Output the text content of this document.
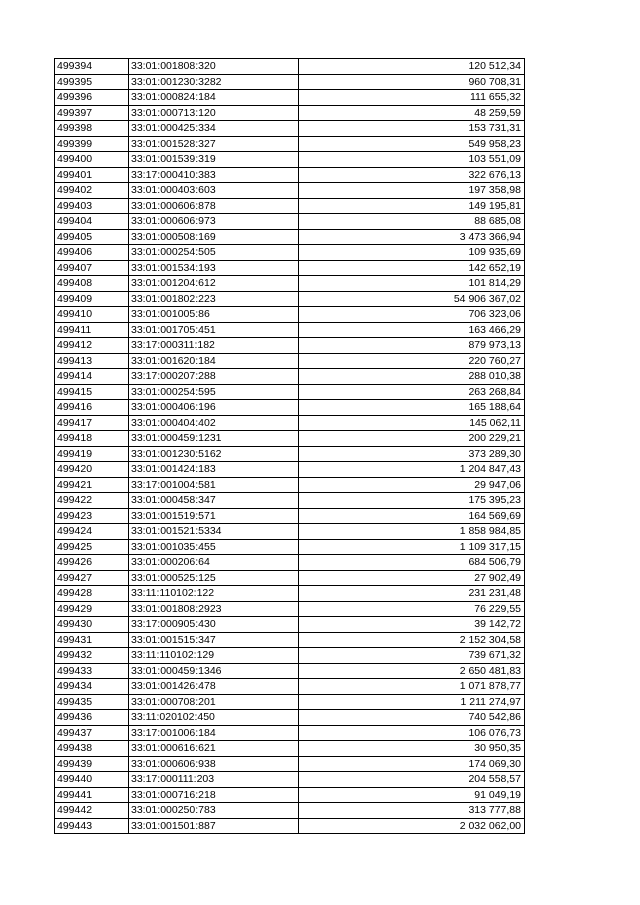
499394	33:01:001808:320	120 512,34
499395	33:01:001230:3282	960 708,31
499396	33:01:000824:184	111 655,32
499397	33:01:000713:120	48 259,59
499398	33:01:000425:334	153 731,31
499399	33:01:001528:327	549 958,23
499400	33:01:001539:319	103 551,09
499401	33:17:000410:383	322 676,13
499402	33:01:000403:603	197 358,98
499403	33:01:000606:878	149 195,81
499404	33:01:000606:973	88 685,08
499405	33:01:000508:169	3 473 366,94
499406	33:01:000254:505	109 935,69
499407	33:01:001534:193	142 652,19
499408	33:01:001204:612	101 814,29
499409	33:01:001802:223	54 906 367,02
499410	33:01:001005:86	706 323,06
499411	33:01:001705:451	163 466,29
499412	33:17:000311:182	879 973,13
499413	33:01:001620:184	220 760,27
499414	33:17:000207:288	288 010,38
499415	33:01:000254:595	263 268,84
499416	33:01:000406:196	165 188,64
499417	33:01:000404:402	145 062,11
499418	33:01:000459:1231	200 229,21
499419	33:01:001230:5162	373 289,30
499420	33:01:001424:183	1 204 847,43
499421	33:17:001004:581	29 947,06
499422	33:01:000458:347	175 395,23
499423	33:01:001519:571	164 569,69
499424	33:01:001521:5334	1 858 984,85
499425	33:01:001035:455	1 109 317,15
499426	33:01:000206:64	684 506,79
499427	33:01:000525:125	27 902,49
499428	33:11:110102:122	231 231,48
499429	33:01:001808:2923	76 229,55
499430	33:17:000905:430	39 142,72
499431	33:01:001515:347	2 152 304,58
499432	33:11:110102:129	739 671,32
499433	33:01:000459:1346	2 650 481,83
499434	33:01:001426:478	1 071 878,77
499435	33:01:000708:201	1 211 274,97
499436	33:11:020102:450	740 542,86
499437	33:17:001006:184	106 076,73
499438	33:01:000616:621	30 950,35
499439	33:01:000606:938	174 069,30
499440	33:17:000111:203	204 558,57
499441	33:01:000716:218	91 049,19
499442	33:01:000250:783	313 777,88
499443	33:01:001501:887	2 032 062,00
